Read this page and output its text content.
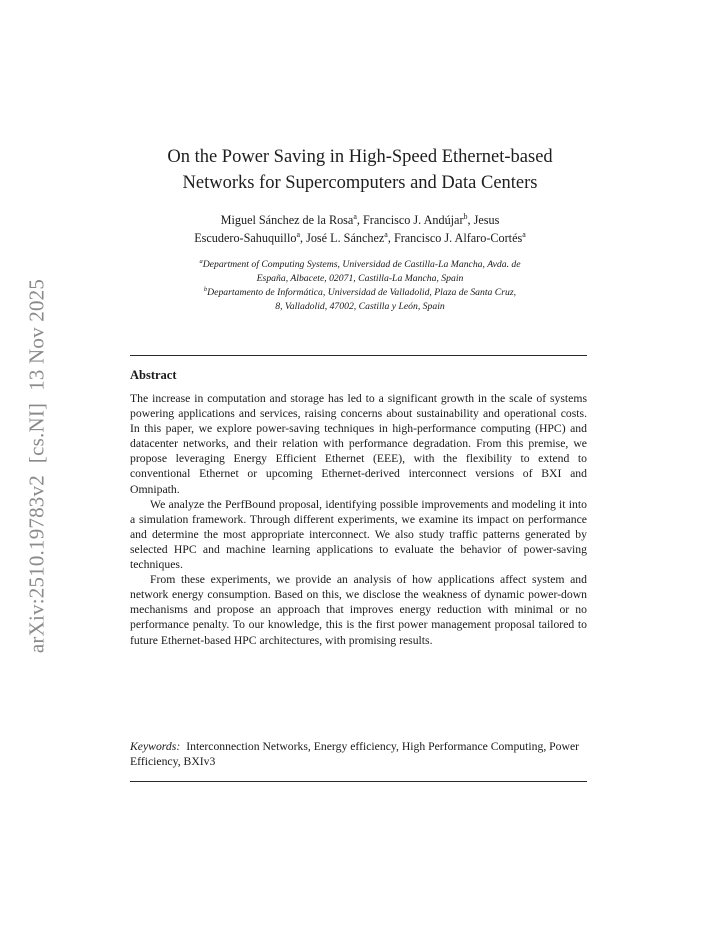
arXiv:2510.19783v2[cs.NI]13 Nov 2025
On the Power Saving in High-Speed Ethernet-based
Networks for Supercomputers and Data Centers
Miguel Sánchez de la Rosa$^a$, Francisco J. Andújar$^b$, Jesus
Escudero-Sahuquillo$^a$, José L. Sánchez$^a$, Francisco J. Alfaro-Cortés$^a$
$^a$Department of Computing Systems, Universidad de Castilla-La Mancha, Avda. de
España, Albacete, 02071, Castilla-La Mancha, Spain
$^b$Departamento de Informática, Universidad de Valladolid, Plaza de Santa Cruz,
8, Valladolid, 47002, Castilla y León, Spain
Abstract

The increase in computation and storage has led to a significant growth in the scale of systems powering applications and services, raising concerns about sustainability and operational costs. In this paper, we explore power-saving techniques in high-performance computing (HPC) and datacenter networks, and their relation with performance degradation. From this premise, we propose leveraging Energy Efficient Ethernet (EEE), with the flexibility to extend to conventional Ethernet or upcoming Ethernet-derived interconnect versions of BXI and Omnipath.

We analyze the PerfBound proposal, identifying possible improvements and modeling it into a simulation framework. Through different experiments, we examine its impact on performance and determine the most appropriate interconnect. We also study traffic patterns generated by selected HPC and machine learning applications to evaluate the behavior of power-saving techniques.

From these experiments, we provide an analysis of how applications affect system and network energy consumption. Based on this, we disclose the weakness of dynamic power-down mechanisms and propose an approach that improves energy reduction with minimal or no performance penalty. To our knowledge, this is the first power management proposal tailored to future Ethernet-based HPC architectures, with promising results.

Keywords: Interconnection Networks, Energy efficiency, High Performance Computing, Power Efficiency, BXIv3
